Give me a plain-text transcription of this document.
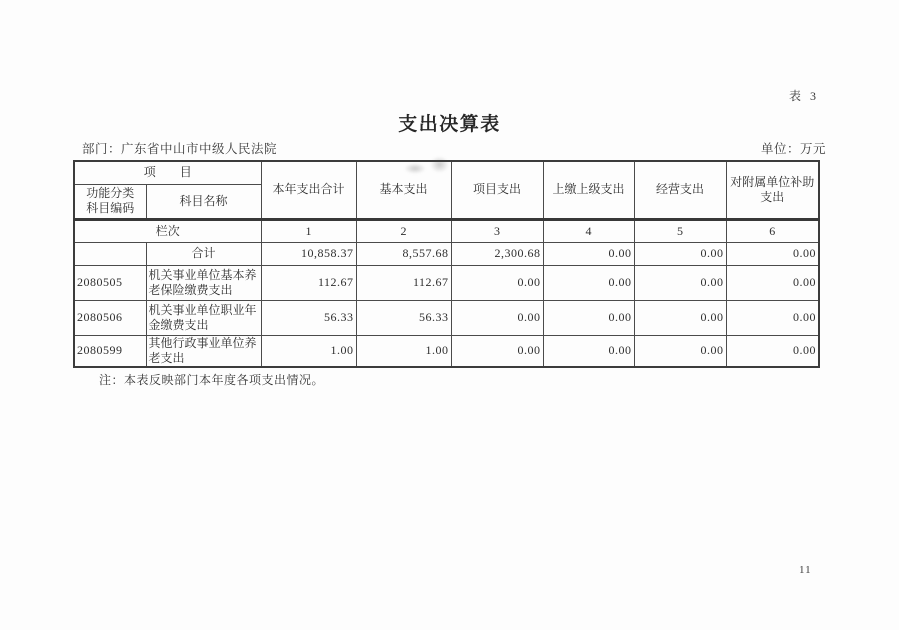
表 3
支出决算表
部门：广东省中山市中级人民法院	单位：万元
项　　目		本年支出合计	基本支出	项目支出	上缴上级支出	经营支出	对附属单位补助支出

功能分类
科目编码	科目名称						
栏次		1	2	3	4	5	6
	合计	10,858.37	8,557.68	2,300.68	0.00	0.00	0.00
2080505	机关事业单位基本养老保险缴费支出	112.67	112.67	0.00	0.00	0.00	0.00
2080506	机关事业单位职业年金缴费支出	56.33	56.33	0.00	0.00	0.00	0.00
2080599	其他行政事业单位养老支出	1.00	1.00	0.00	0.00	0.00	0.00
注：本表反映部门本年度各项支出情况。
11
